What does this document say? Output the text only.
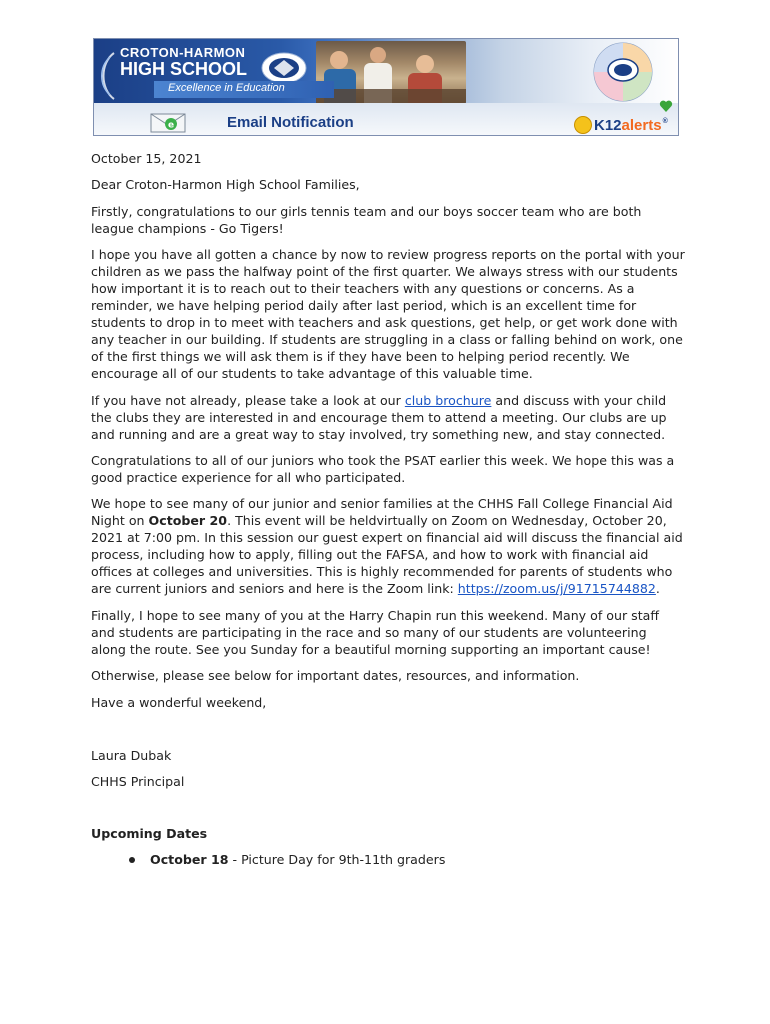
CROTON-HARMON
HIGH SCHOOL
Excellence in Education
e	Email Notification	K12 alerts ®

October 15, 2021

Dear Croton-Harmon High School Families,

Firstly, congratulations to our girls tennis team and our boys soccer team who are both league champions - Go Tigers!

I hope you have all gotten a chance by now to review progress reports on the portal with your children as we pass the halfway point of the first quarter. We always stress with our students how important it is to reach out to their teachers with any questions or concerns. As a reminder, we have helping period daily after last period, which is an excellent time for students to drop in to meet with teachers and ask questions, get help, or get work done with any teacher in our building. If students are struggling in a class or falling behind on work, one of the first things we will ask them is if they have been to helping period recently. We encourage all of our students to take advantage of this valuable time.

If you have not already, please take a look at our club brochure and discuss with your child the clubs they are interested in and encourage them to attend a meeting. Our clubs are up and running and are a great way to stay involved, try something new, and stay connected.

Congratulations to all of our juniors who took the PSAT earlier this week. We hope this was a good practice experience for all who participated.

We hope to see many of our junior and senior families at the CHHS Fall College Financial Aid Night on October 20. This event will be heldvirtually on Zoom on Wednesday, October 20, 2021 at 7:00 pm. In this session our guest expert on financial aid will discuss the financial aid process, including how to apply, filling out the FAFSA, and how to work with financial aid offices at colleges and universities. This is highly recommended for parents of students who are current juniors and seniors and here is the Zoom link: https://zoom.us/j/91715744882.

Finally, I hope to see many of you at the Harry Chapin run this weekend. Many of our staff and students are participating in the race and so many of our students are volunteering along the route. See you Sunday for a beautiful morning supporting an important cause!

Otherwise, please see below for important dates, resources, and information.

Have a wonderful weekend,

Laura Dubak

CHHS Principal

Upcoming Dates

October 18 - Picture Day for 9th-11th graders
